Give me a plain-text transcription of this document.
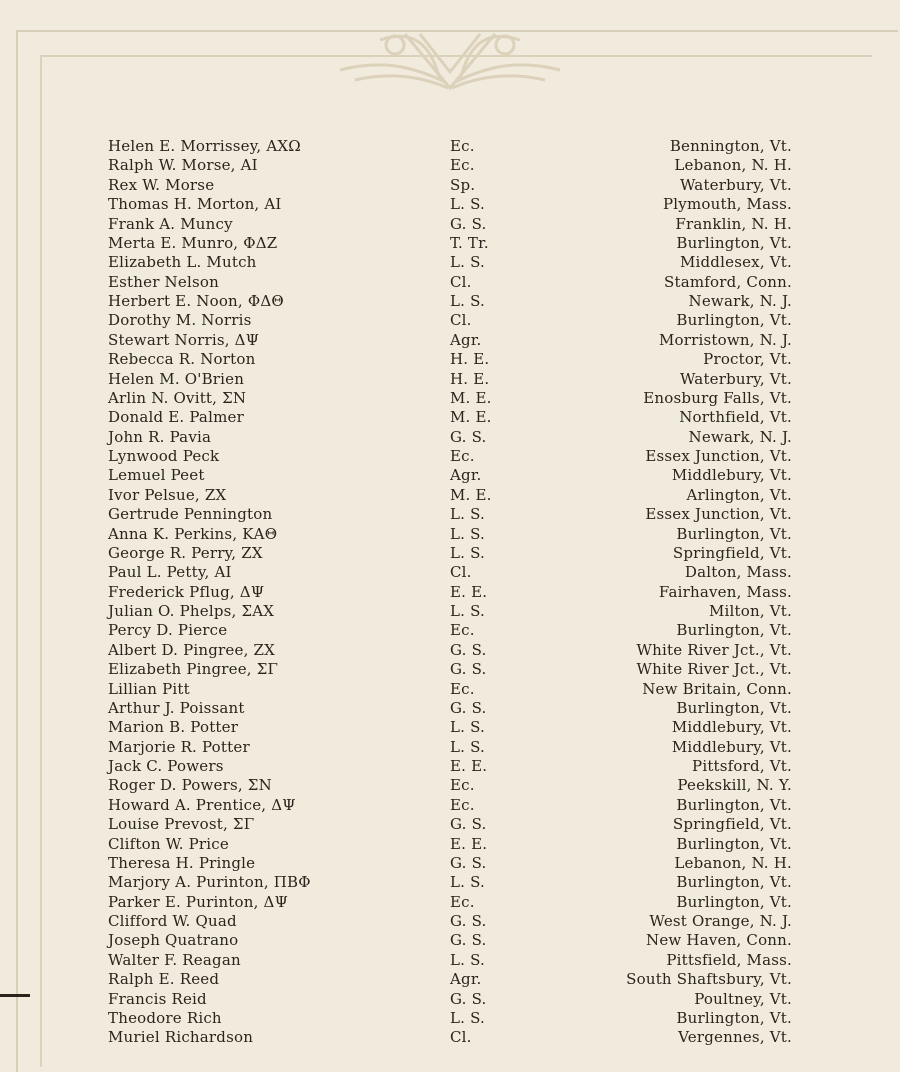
Helen E. Morrissey, ΑΧΩ	Ec.	Bennington, Vt.
Ralph W. Morse, ΑΙ	Ec.	Lebanon, N. H.
Rex W. Morse	Sp.	Waterbury, Vt.
Thomas H. Morton, ΑΙ	L. S.	Plymouth, Mass.
Frank A. Muncy	G. S.	Franklin, N. H.
Merta E. Munro, ΦΔΖ	T. Tr.	Burlington, Vt.
Elizabeth L. Mutch	L. S.	Middlesex, Vt.
Esther Nelson	Cl.	Stamford, Conn.
Herbert E. Noon, ΦΔΘ	L. S.	Newark, N. J.
Dorothy M. Norris	Cl.	Burlington, Vt.
Stewart Norris, ΔΨ	Agr.	Morristown, N. J.
Rebecca R. Norton	H. E.	Proctor, Vt.
Helen M. O'Brien	H. E.	Waterbury, Vt.
Arlin N. Ovitt, ΣΝ	M. E.	Enosburg Falls, Vt.
Donald E. Palmer	M. E.	Northfield, Vt.
John R. Pavia	G. S.	Newark, N. J.
Lynwood Peck	Ec.	Essex Junction, Vt.
Lemuel Peet	Agr.	Middlebury, Vt.
Ivor Pelsue, ΖΧ	M. E.	Arlington, Vt.
Gertrude Pennington	L. S.	Essex Junction, Vt.
Anna K. Perkins, ΚΑΘ	L. S.	Burlington, Vt.
George R. Perry, ΖΧ	L. S.	Springfield, Vt.
Paul L. Petty, ΑΙ	Cl.	Dalton, Mass.
Frederick Pflug, ΔΨ	E. E.	Fairhaven, Mass.
Julian O. Phelps, ΣΑΧ	L. S.	Milton, Vt.
Percy D. Pierce	Ec.	Burlington, Vt.
Albert D. Pingree, ΖΧ	G. S.	White River Jct., Vt.
Elizabeth Pingree, ΣΓ	G. S.	White River Jct., Vt.
Lillian Pitt	Ec.	New Britain, Conn.
Arthur J. Poissant	G. S.	Burlington, Vt.
Marion B. Potter	L. S.	Middlebury, Vt.
Marjorie R. Potter	L. S.	Middlebury, Vt.
Jack C. Powers	E. E.	Pittsford, Vt.
Roger D. Powers, ΣΝ	Ec.	Peekskill, N. Y.
Howard A. Prentice, ΔΨ	Ec.	Burlington, Vt.
Louise Prevost, ΣΓ	G. S.	Springfield, Vt.
Clifton W. Price	E. E.	Burlington, Vt.
Theresa H. Pringle	G. S.	Lebanon, N. H.
Marjory A. Purinton, ΠΒΦ	L. S.	Burlington, Vt.
Parker E. Purinton, ΔΨ	Ec.	Burlington, Vt.
Clifford W. Quad	G. S.	West Orange, N. J.
Joseph Quatrano	G. S.	New Haven, Conn.
Walter F. Reagan	L. S.	Pittsfield, Mass.
Ralph E. Reed	Agr.	South Shaftsbury, Vt.
Francis Reid	G. S.	Poultney, Vt.
Theodore Rich	L. S.	Burlington, Vt.
Muriel Richardson	Cl.	Vergennes, Vt.
